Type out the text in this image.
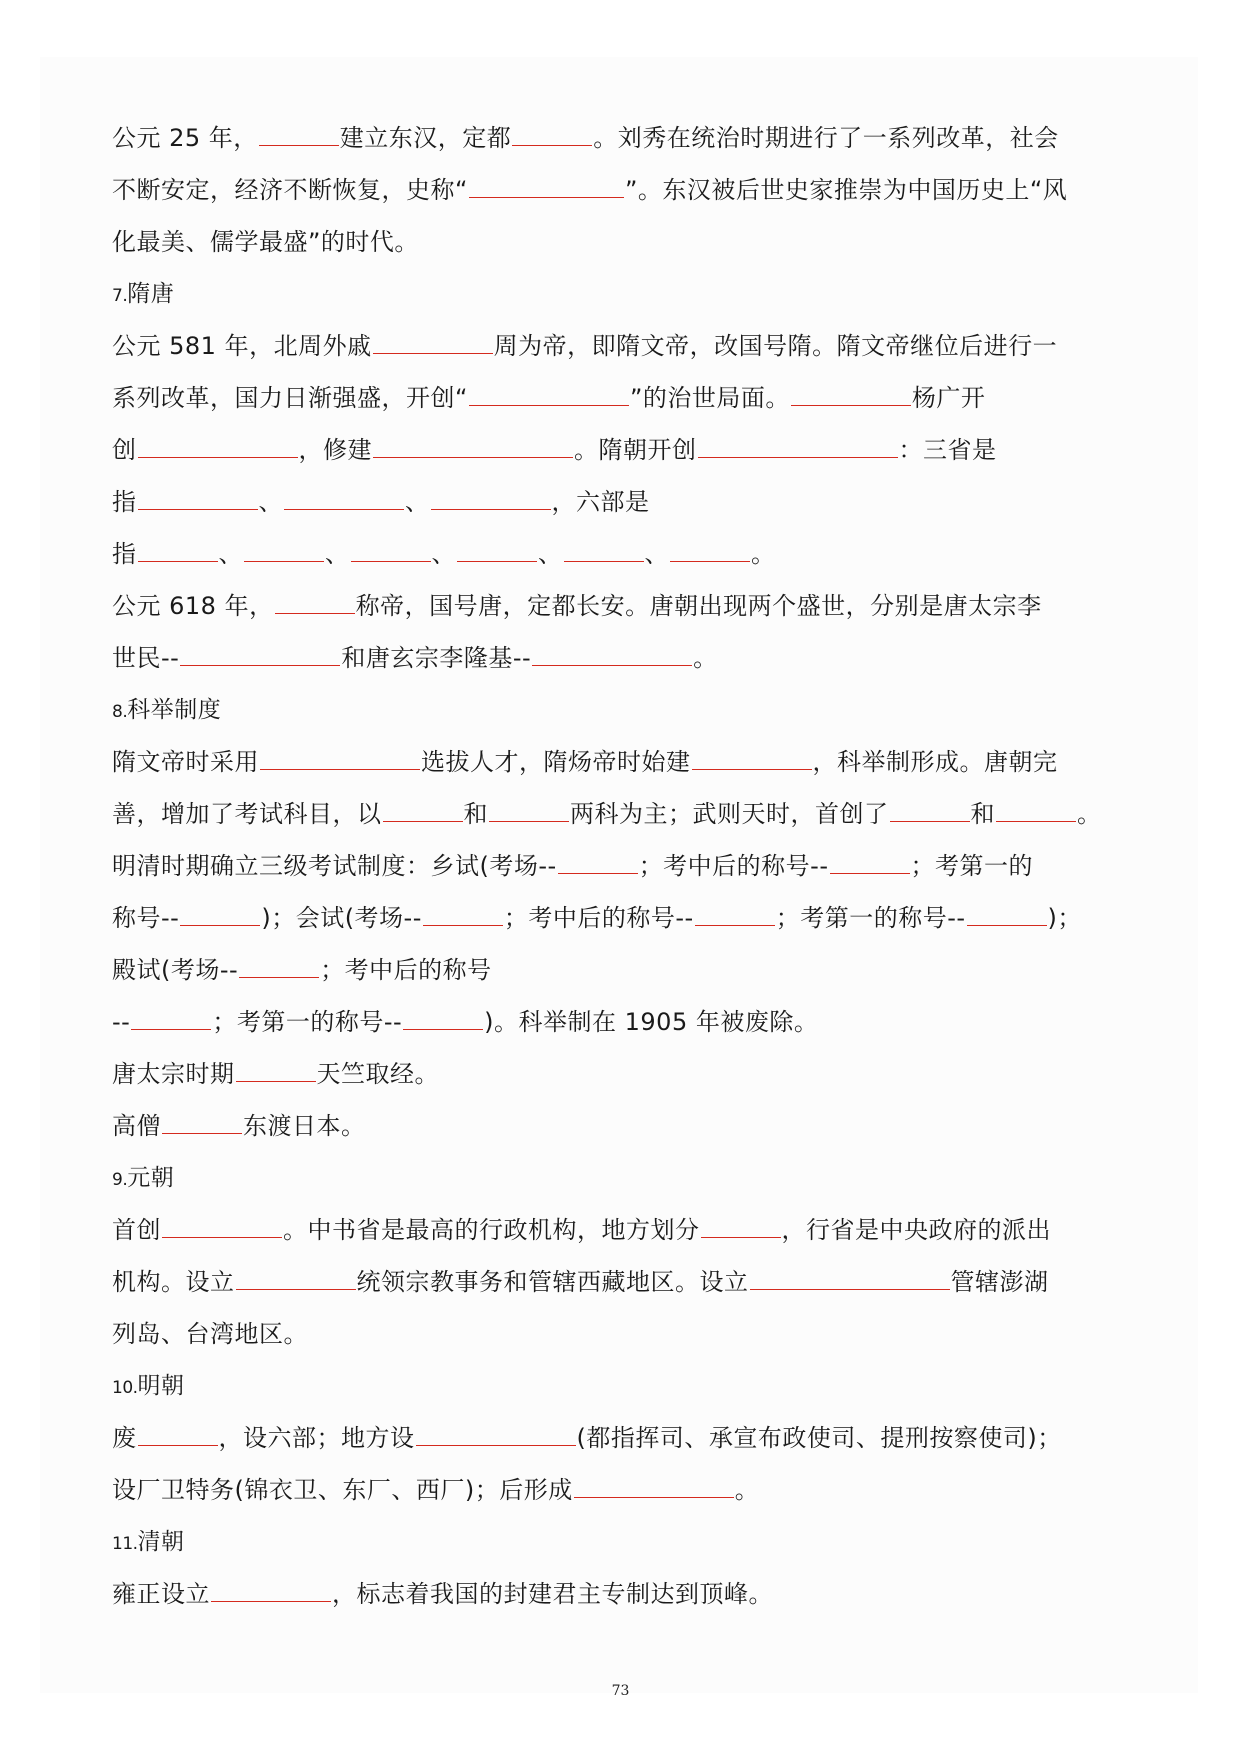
公元 25 年，	建立东汉，定都	。刘秀在统治时期进行了一系列改革，社会
不断安定，经济不断恢复，史称“	”。东汉被后世史家推崇为中国历史上“风
化最美、儒学最盛”的时代。
7.隋唐
公元 581 年，北周外戚	周为帝，即隋文帝，改国号隋。隋文帝继位后进行一
系列改革，国力日渐强盛，开创“	”的治世局面。	杨广开
创	，修建	。隋朝开创	：三省是
指	、	、	，六部是
指	、	、	、	、	、	。
公元 618 年，	称帝，国号唐，定都长安。唐朝出现两个盛世，分别是唐太宗李
世民--	和唐玄宗李隆基--	。
8.科举制度
隋文帝时采用	选拔人才，隋炀帝时始建	，科举制形成。唐朝完
善，增加了考试科目，以	和	两科为主；武则天时，首创了	和	。
明清时期确立三级考试制度：乡试(考场--	；考中后的称号--	；考第一的
称号--	)；会试(考场--	；考中后的称号--	；考第一的称号--	)；
殿试(考场--	；考中后的称号
--	；考第一的称号--	)。科举制在 1905 年被废除。
唐太宗时期	天竺取经。
高僧	东渡日本。
9.元朝
首创	。中书省是最高的行政机构，地方划分	，行省是中央政府的派出
机构。设立	统领宗教事务和管辖西藏地区。设立	管辖澎湖
列岛、台湾地区。
10.明朝
废	，设六部；地方设	(都指挥司、承宣布政使司、提刑按察使司)；
设厂卫特务(锦衣卫、东厂、西厂)；后形成	。
11.清朝
雍正设立	，标志着我国的封建君主专制达到顶峰。
73
